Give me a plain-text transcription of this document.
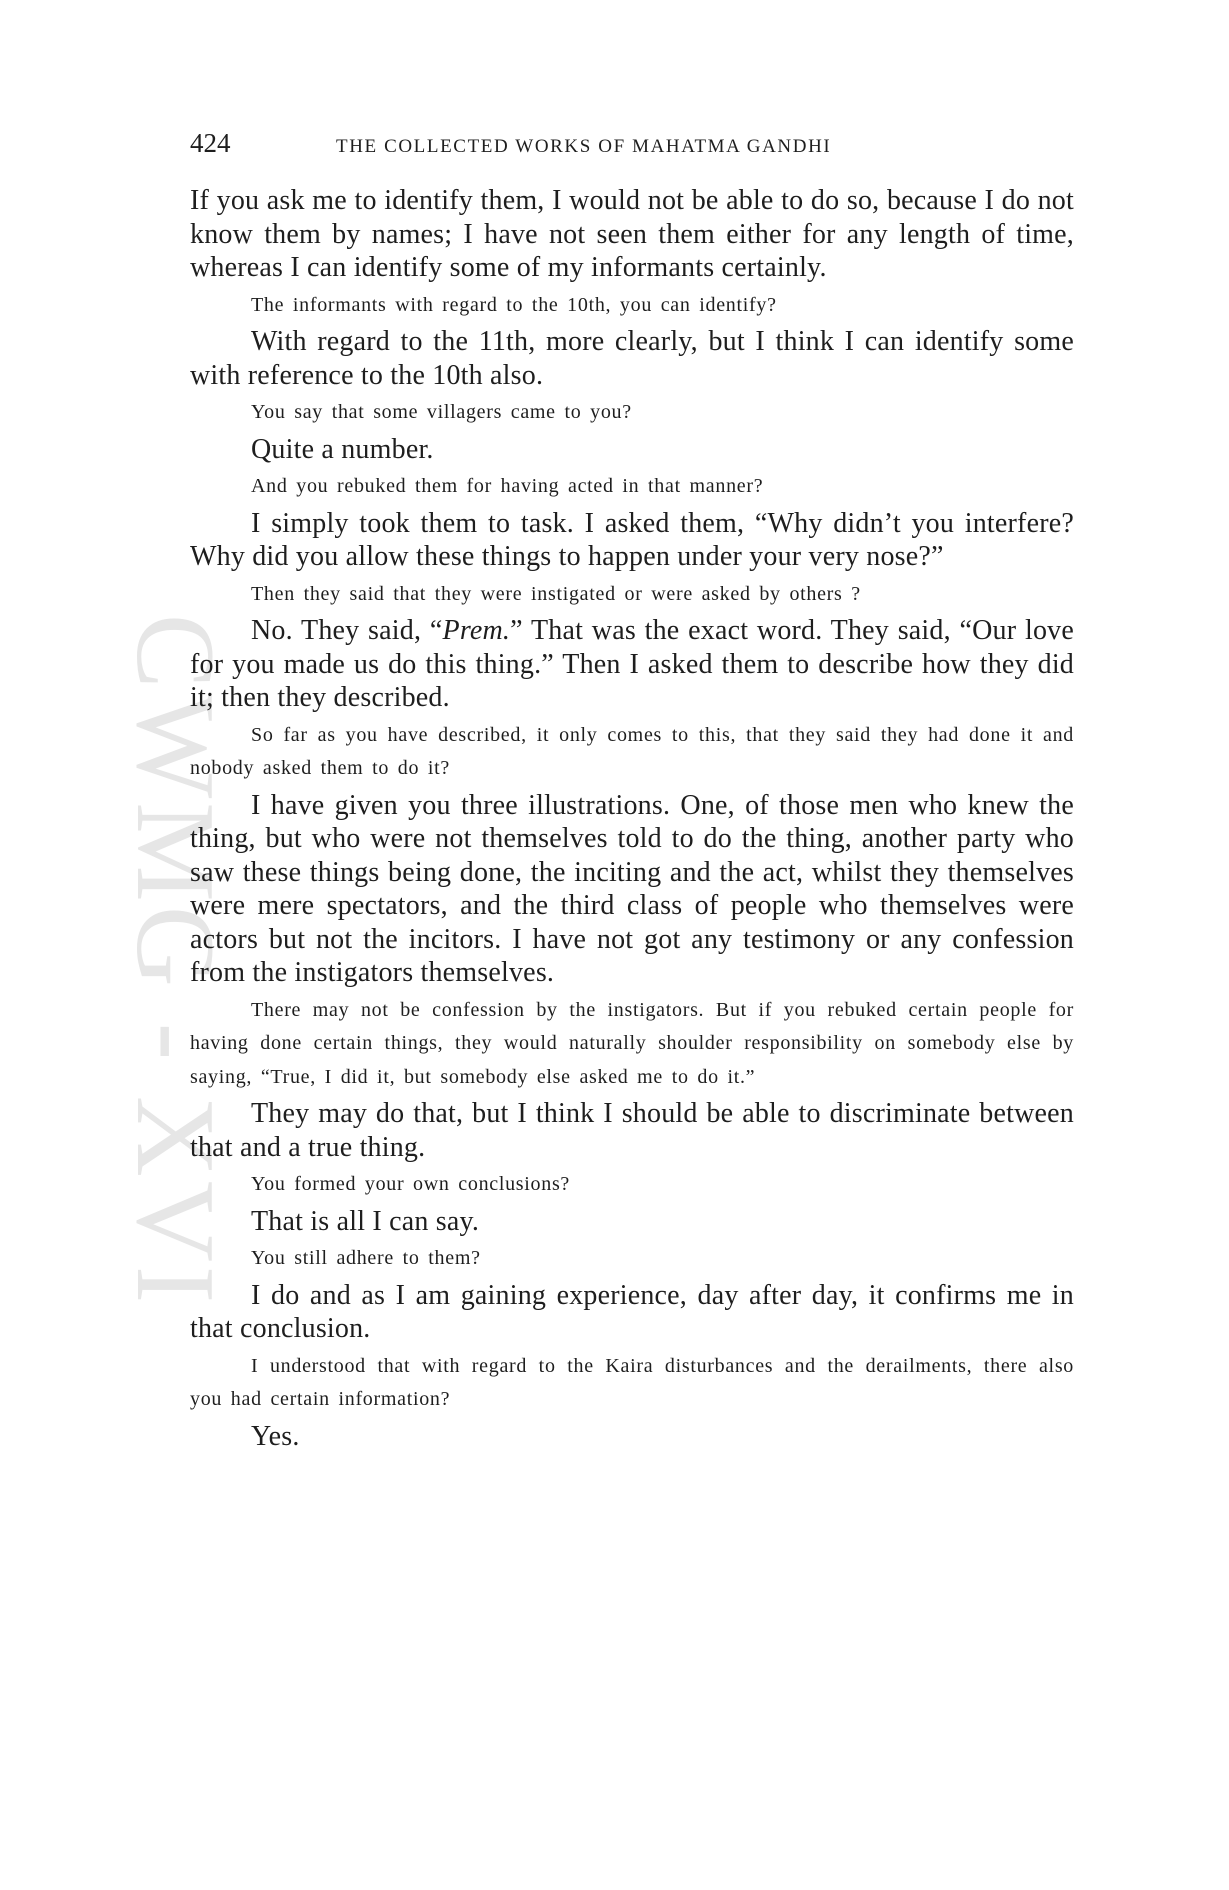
CWMG - XVI
424	THE COLLECTED WORKS OF MAHATMA GANDHI

If you ask me to identify them, I would not be able to do so, because I do not know them by names; I have not seen them either for any length of time, whereas I can identify some of my informants certainly.

The informants with regard to the 10th, you can identify?

With regard to the 11th, more clearly, but I think I can identify some with reference to the 10th also.

You say that some villagers came to you?

Quite a number.

And you rebuked them for having acted in that manner?

I simply took them to task. I asked them, “Why didn’t you interfere? Why did you allow these things to happen under your very nose?”

Then they said that they were instigated or were asked by others ?

No. They said, “Prem.” That was the exact word. They said, “Our love for you made us do this thing.” Then I asked them to describe how they did it; then they described.

So far as you have described, it only comes to this, that they said they had done it and nobody asked them to do it?

I have given you three illustrations. One, of those men who knew the thing, but who were not themselves told to do the thing, another party who saw these things being done, the inciting and the act, whilst they themselves were mere spectators, and the third class of people who themselves were actors but not the incitors. I have not got any testimony or any confession from the instigators themselves.

There may not be confession by the instigators. But if you rebuked certain people for having done certain things, they would naturally shoulder responsibility on somebody else by saying, “True, I did it, but somebody else asked me to do it.”

They may do that, but I think I should be able to discriminate between that and a true thing.

You formed your own conclusions?

That is all I can say.

You still adhere to them?

I do and as I am gaining experience, day after day, it confirms me in that conclusion.

I understood that with regard to the Kaira disturbances and the derailments, there also you had certain information?

Yes.
